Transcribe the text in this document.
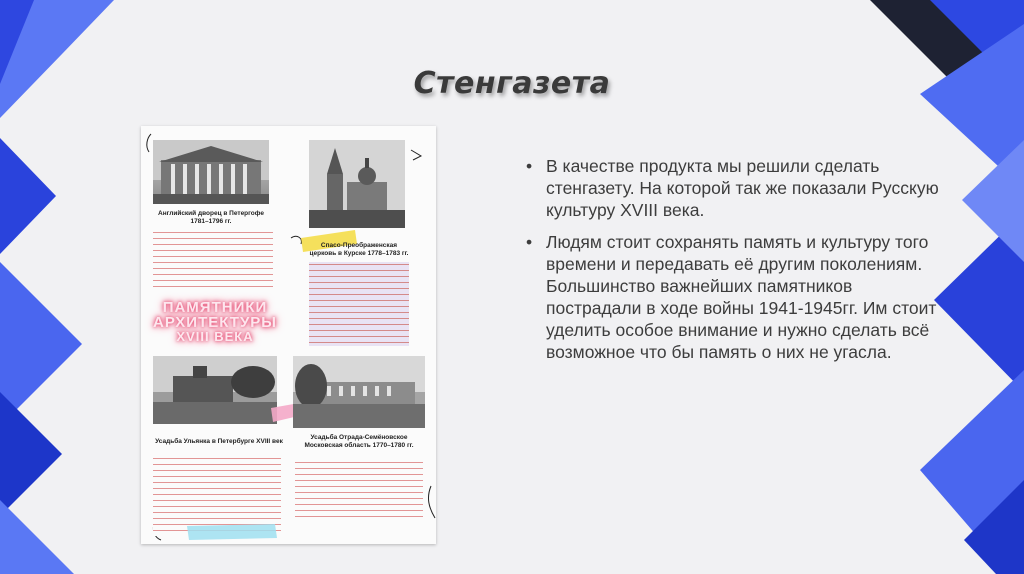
Стенгазета
Английский дворец в Петергофе 1781–1796 гг.
Спасо-Преображенская церковь в Курске 1778–1783 гг.
ПАМЯТНИКИ
АРХИТЕКТУРЫ
XVIII ВЕКА
Усадьба Ульянка в Петербурге XVIII век
Усадьба Отрада-Семёновское Московская область 1770–1780 гг.
• В качестве продукта мы решили сделать стенгазету. На которой так же показали Русскую культуру XVIII века.
• Людям стоит сохранять память и культуру того времени и передавать её другим поколениям. Большинство важнейших памятников пострадали в ходе войны 1941-1945гг. Им стоит уделить особое внимание и нужно сделать всё возможное что бы память о них не угасла.
